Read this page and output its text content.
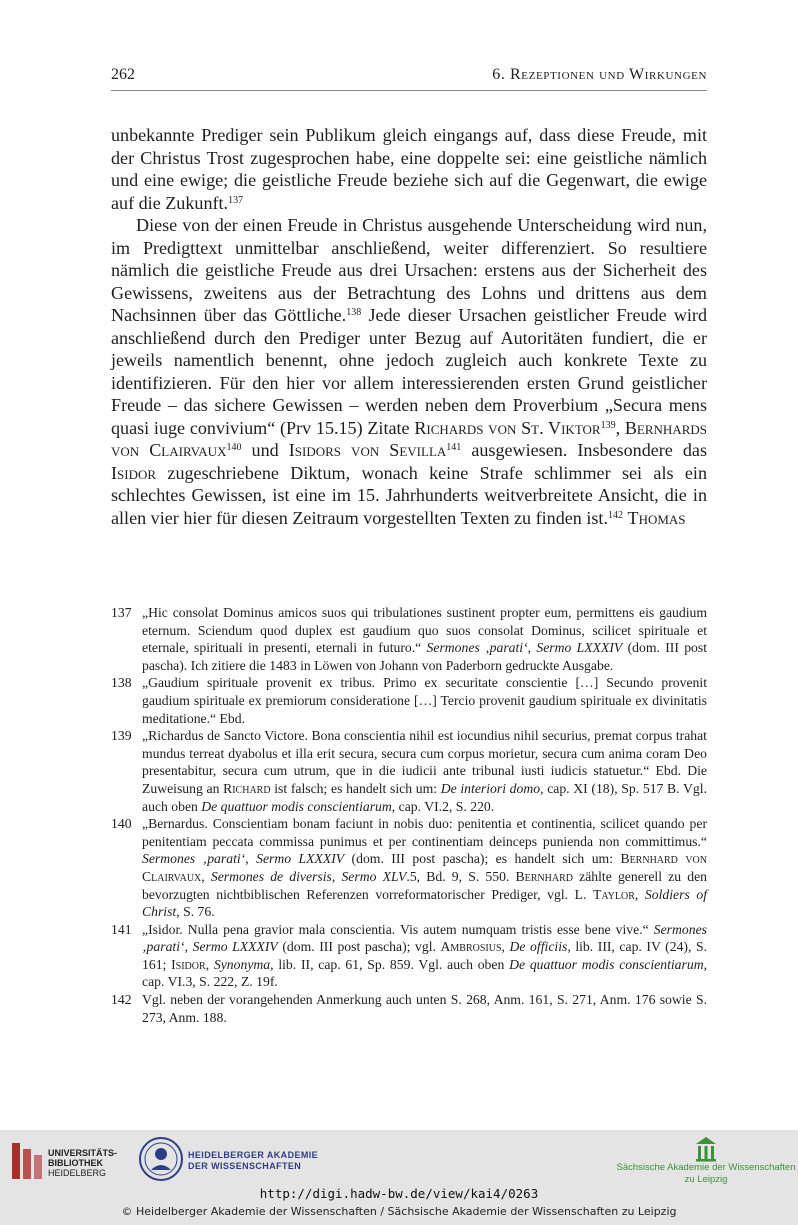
262	6. Rezeptionen und Wirkungen

unbekannte Prediger sein Publikum gleich eingangs auf, dass diese Freude, mit der Christus Trost zugesprochen habe, eine doppelte sei: eine geistliche nämlich und eine ewige; die geistliche Freude beziehe sich auf die Gegenwart, die ewige auf die Zukunft.$^{137}$

Diese von der einen Freude in Christus ausgehende Unterscheidung wird nun, im Predigttext unmittelbar anschließend, weiter differenziert. So resultiere nämlich die geistliche Freude aus drei Ursachen: erstens aus der Sicherheit des Gewissens, zweitens aus der Betrachtung des Lohns und drittens aus dem Nachsinnen über das Göttliche.$^{138}$ Jede dieser Ursachen geistlicher Freude wird anschließend durch den Prediger unter Bezug auf Autoritäten fundiert, die er jeweils namentlich benennt, ohne jedoch zugleich auch konkrete Texte zu identifizieren. Für den hier vor allem interessierenden ersten Grund geistlicher Freude – das sichere Gewissen – werden neben dem Proverbium „Secura mens quasi iuge convivium“ (Prv 15.15) Zitate Richards von St. Viktor$^{139}$, Bernhards von Clairvaux$^{140}$ und Isidors von Sevilla$^{141}$ ausgewiesen. Insbesondere das Isidor zugeschriebene Diktum, wonach keine Strafe schlimmer sei als ein schlechtes Gewissen, ist eine im 15. Jahrhunderts weitverbreitete Ansicht, die in allen vier hier für diesen Zeitraum vorgestellten Texten zu finden ist.$^{142}$ Thomas

137 „Hic consolat Dominus amicos suos qui tribulationes sustinent propter eum, permittens eis gaudium eternum. Sciendum quod duplex est gaudium quo suos consolat Dominus, scilicet spirituale et eternale, spirituali in presenti, eternali in futuro.“ Sermones ‚parati‘, Sermo LXXXIV (dom. III post pascha). Ich zitiere die 1483 in Löwen von Johann von Paderborn gedruckte Ausgabe.
138 „Gaudium spirituale provenit ex tribus. Primo ex securitate conscientie […] Secundo provenit gaudium spirituale ex premiorum consideratione […] Tercio provenit gaudium spirituale ex divinitatis meditatione.“ Ebd.
139 „Richardus de Sancto Victore. Bona conscientia nihil est iocundius nihil securius, premat corpus trahat mundus terreat dyabolus et illa erit secura, secura cum corpus morietur, secura cum anima coram Deo presentabitur, secura cum utrum, que in die iudicii ante tribunal iusti iudicis statuetur.“ Ebd. Die Zuweisung an Richard ist falsch; es handelt sich um: De interiori domo, cap. XI (18), Sp. 517 B. Vgl. auch oben De quattuor modis conscientiarum, cap. VI.2, S. 220.
140 „Bernardus. Conscientiam bonam faciunt in nobis duo: penitentia et continentia, scilicet quando per penitentiam peccata commissa punimus et per continentiam deinceps punienda non committimus.“ Sermones ‚parati‘, Sermo LXXXIV (dom. III post pascha); es handelt sich um: Bernhard von Clairvaux, Sermones de diversis, Sermo XLV.5, Bd. 9, S. 550. Bernhard zählte generell zu den bevorzugten nichtbiblischen Referenzen vorreformatorischer Prediger, vgl. L. Taylor, Soldiers of Christ, S. 76.
141 „Isidor. Nulla pena gravior mala conscientia. Vis autem numquam tristis esse bene vive.“ Sermones ‚parati‘, Sermo LXXXIV (dom. III post pascha); vgl. Ambrosius, De officiis, lib. III, cap. IV (24), S. 161; Isidor, Synonyma, lib. II, cap. 61, Sp. 859. Vgl. auch oben De quattuor modis conscientiarum, cap. VI.3, S. 222, Z. 19f.
142 Vgl. neben der vorangehenden Anmerkung auch unten S. 268, Anm. 161, S. 271, Anm. 176 sowie S. 273, Anm. 188.
UNIVERSITÄTS-
BIBLIOTHEK
HEIDELBERG
HEIDELBERGER AKADEMIE
DER WISSENSCHAFTEN	Sächsische Akademie der Wissenschaften
zu Leipzig
http://digi.hadw-bw.de/view/kai4/0263
© Heidelberger Akademie der Wissenschaften / Sächsische Akademie der Wissenschaften zu Leipzig
